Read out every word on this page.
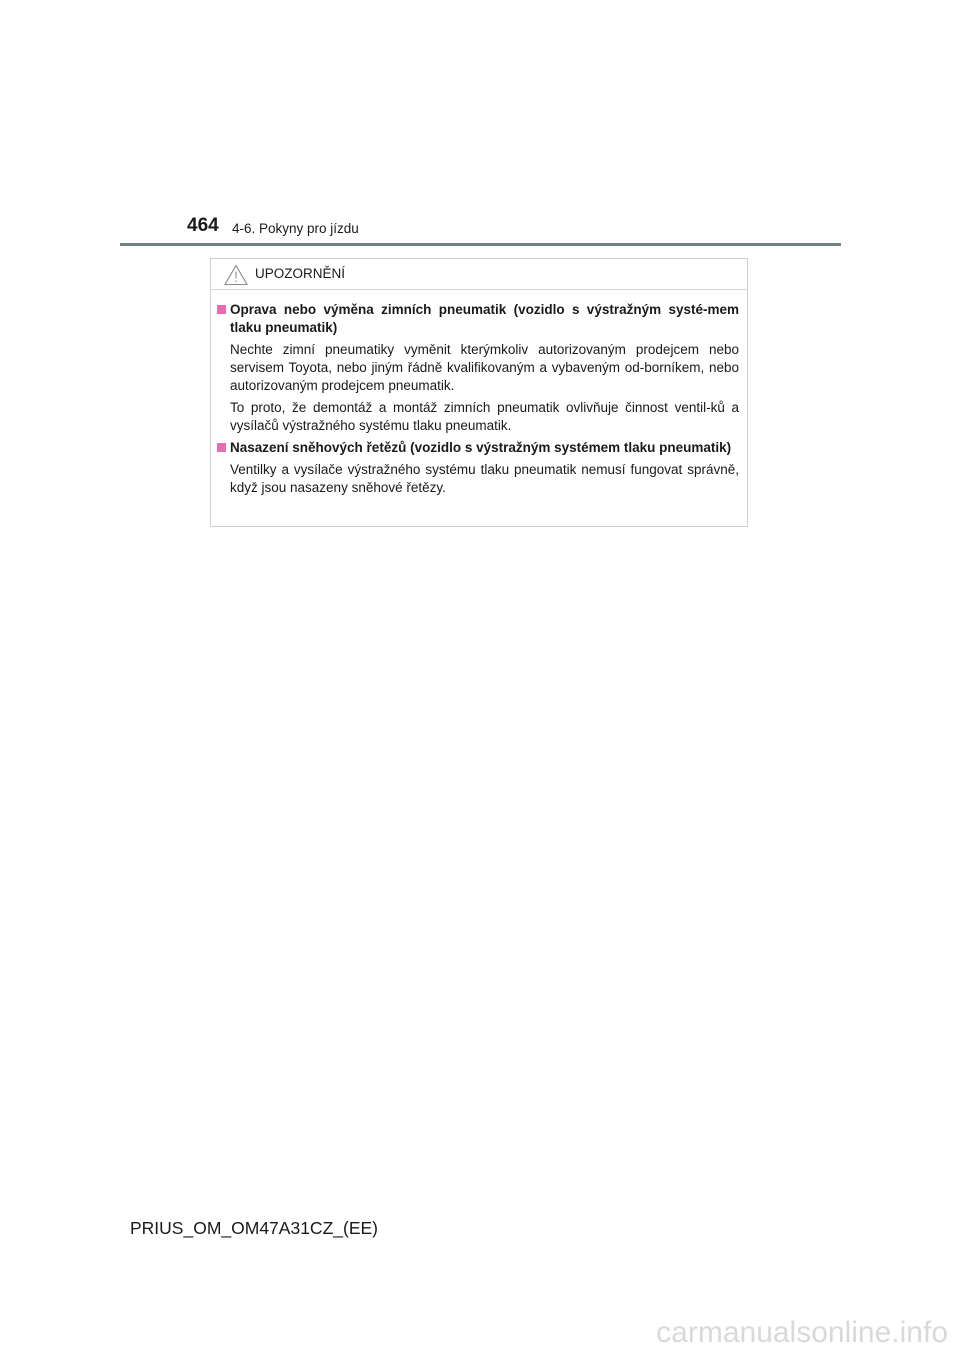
464 4-6. Pokyny pro jízdu
UPOZORNĚNÍ
Oprava nebo výměna zimních pneumatik (vozidlo s výstražným systé-mem tlaku pneumatik)
Nechte zimní pneumatiky vyměnit kterýmkoliv autorizovaným prodejcem nebo servisem Toyota, nebo jiným řádně kvalifikovaným a vybaveným od-borníkem, nebo autorizovaným prodejcem pneumatik.
To proto, že demontáž a montáž zimních pneumatik ovlivňuje činnost ventil-ků a vysílačů výstražného systému tlaku pneumatik.
Nasazení sněhových řetězů (vozidlo s výstražným systémem tlaku pneumatik)
Ventilky a vysílače výstražného systému tlaku pneumatik nemusí fungovat správně, když jsou nasazeny sněhové řetězy.
PRIUS_OM_OM47A31CZ_(EE)
carmanualsonline.info
